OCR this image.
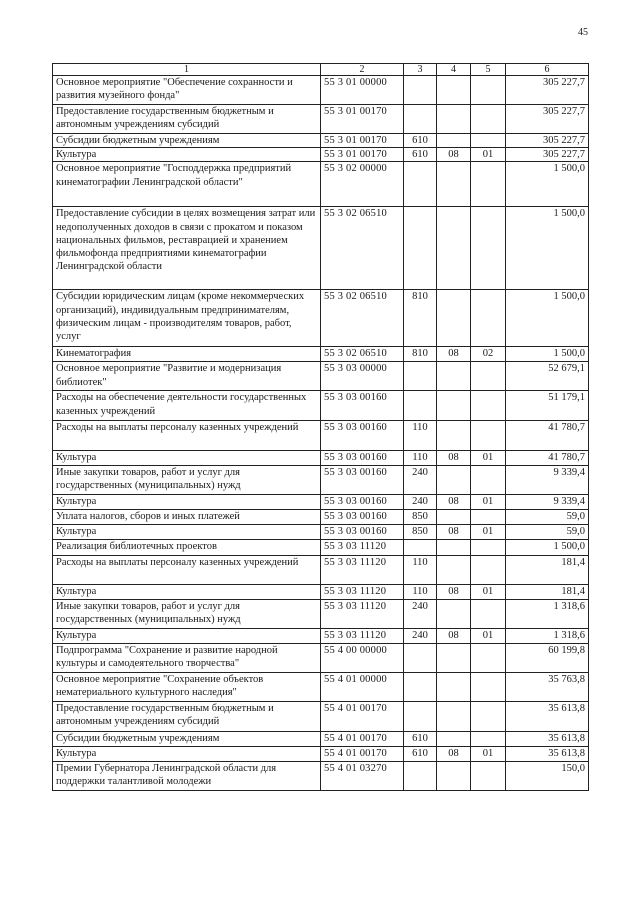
45
1	2	3	4	5	6
Основное мероприятие "Обеспечение сохранности и развития музейного фонда"	55 3 01 00000				305 227,7
Предоставление государственным бюджетным и автономным учреждениям субсидий	55 3 01 00170				305 227,7
Субсидии бюджетным учреждениям	55 3 01 00170	610			305 227,7
Культура	55 3 01 00170	610	08	01	305 227,7
Основное мероприятие "Господдержка предприятий кинематографии Ленинградской области"	55 3 02 00000				1 500,0
Предоставление субсидии в целях возмещения затрат или недополученных доходов в связи с прокатом и показом национальных фильмов, реставрацией и хранением фильмофонда предприятиями кинематографии Ленинградской области	55 3 02 06510				1 500,0
Субсидии юридическим лицам (кроме некоммерческих организаций), индивидуальным предпринимателям, физическим лицам - производителям товаров, работ, услуг	55 3 02 06510	810			1 500,0
Кинематография	55 3 02 06510	810	08	02	1 500,0
Основное мероприятие "Развитие и модернизация библиотек"	55 3 03 00000				52 679,1
Расходы на обеспечение деятельности государственных казенных учреждений	55 3 03 00160				51 179,1
Расходы на выплаты персоналу казенных учреждений	55 3 03 00160	110			41 780,7
Культура	55 3 03 00160	110	08	01	41 780,7
Иные закупки товаров, работ и услуг для государственных (муниципальных) нужд	55 3 03 00160	240			9 339,4
Культура	55 3 03 00160	240	08	01	9 339,4
Уплата налогов, сборов и иных платежей	55 3 03 00160	850			59,0
Культура	55 3 03 00160	850	08	01	59,0
Реализация библиотечных проектов	55 3 03 11120				1 500,0
Расходы на выплаты персоналу казенных учреждений	55 3 03 11120	110			181,4
Культура	55 3 03 11120	110	08	01	181,4
Иные закупки товаров, работ и услуг для государственных (муниципальных) нужд	55 3 03 11120	240			1 318,6
Культура	55 3 03 11120	240	08	01	1 318,6
Подпрограмма "Сохранение и развитие народной культуры и самодеятельного творчества"	55 4 00 00000				60 199,8
Основное мероприятие "Сохранение объектов нематериального культурного наследия"	55 4 01 00000				35 763,8
Предоставление государственным бюджетным и автономным учреждениям субсидий	55 4 01 00170				35 613,8
Субсидии бюджетным учреждениям	55 4 01 00170	610			35 613,8
Культура	55 4 01 00170	610	08	01	35 613,8
Премии Губернатора Ленинградской области для поддержки талантливой молодежи	55 4 01 03270				150,0
